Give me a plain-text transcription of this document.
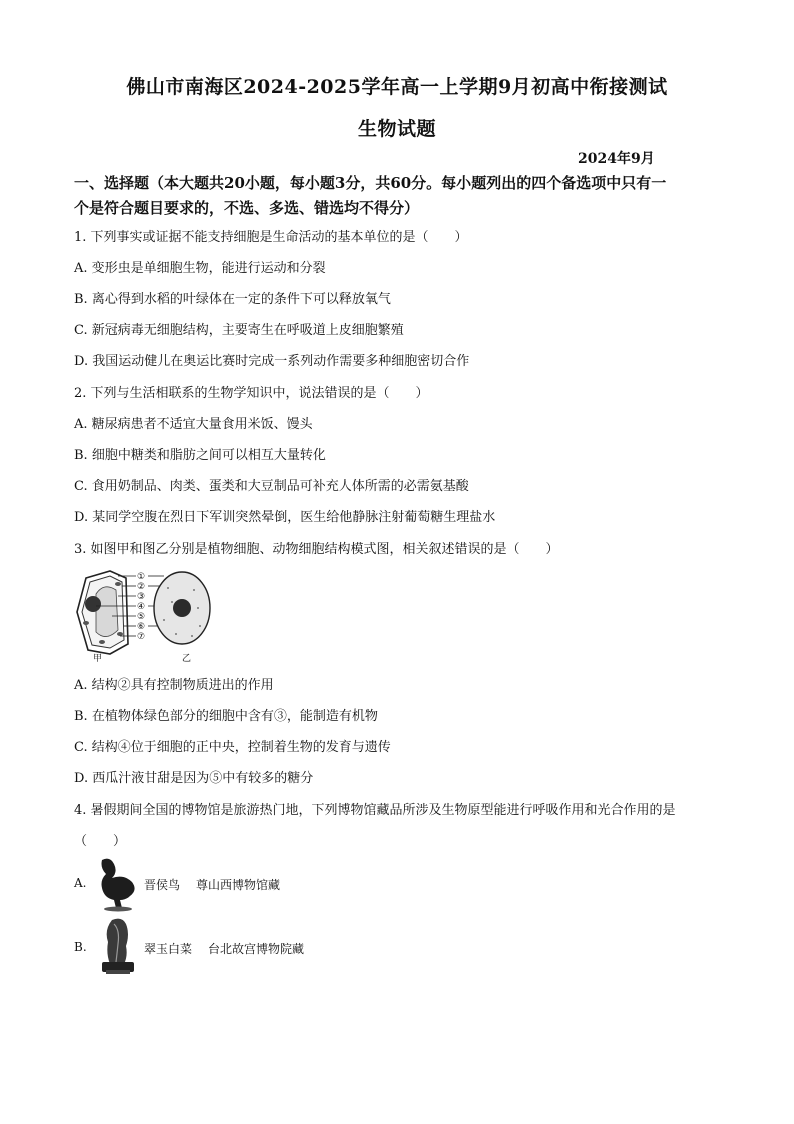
佛山市南海区2024-2025学年高一上学期9月初高中衔接测试
生物试题
2024年9月
一、选择题（本大题共20小题，每小题3分，共60分。每小题列出的四个备选项中只有一
个是符合题目要求的，不选、多选、错选均不得分）
1. 下列事实或证据不能支持细胞是生命活动的基本单位的是（　　）
A. 变形虫是单细胞生物，能进行运动和分裂
B. 离心得到水稻的叶绿体在一定的条件下可以释放氧气
C. 新冠病毒无细胞结构，主要寄生在呼吸道上皮细胞繁殖
D. 我国运动健儿在奥运比赛时完成一系列动作需要多种细胞密切合作
2. 下列与生活相联系的生物学知识中，说法错误的是（　　）
A. 糖尿病患者不适宜大量食用米饭、馒头
B. 细胞中糖类和脂肪之间可以相互大量转化
C. 食用奶制品、肉类、蛋类和大豆制品可补充人体所需的必需氨基酸
D. 某同学空腹在烈日下军训突然晕倒，医生给他静脉注射葡萄糖生理盐水
3. 如图甲和图乙分别是植物细胞、动物细胞结构模式图，相关叙述错误的是（　　）
①
②
③
④
⑤
⑥
⑦
甲	乙
A. 结构②具有控制物质进出的作用
B. 在植物体绿色部分的细胞中含有③，能制造有机物
C. 结构④位于细胞的正中央，控制着生物的发育与遗传
D. 西瓜汁液甘甜是因为⑤中有较多的糖分
4. 暑假期间全国的博物馆是旅游热门地，下列博物馆藏品所涉及生物原型能进行呼吸作用和光合作用的是
（　　）
A.	晋侯鸟 尊山西博物馆藏
B.	翠玉白菜 台北故宫博物院藏
